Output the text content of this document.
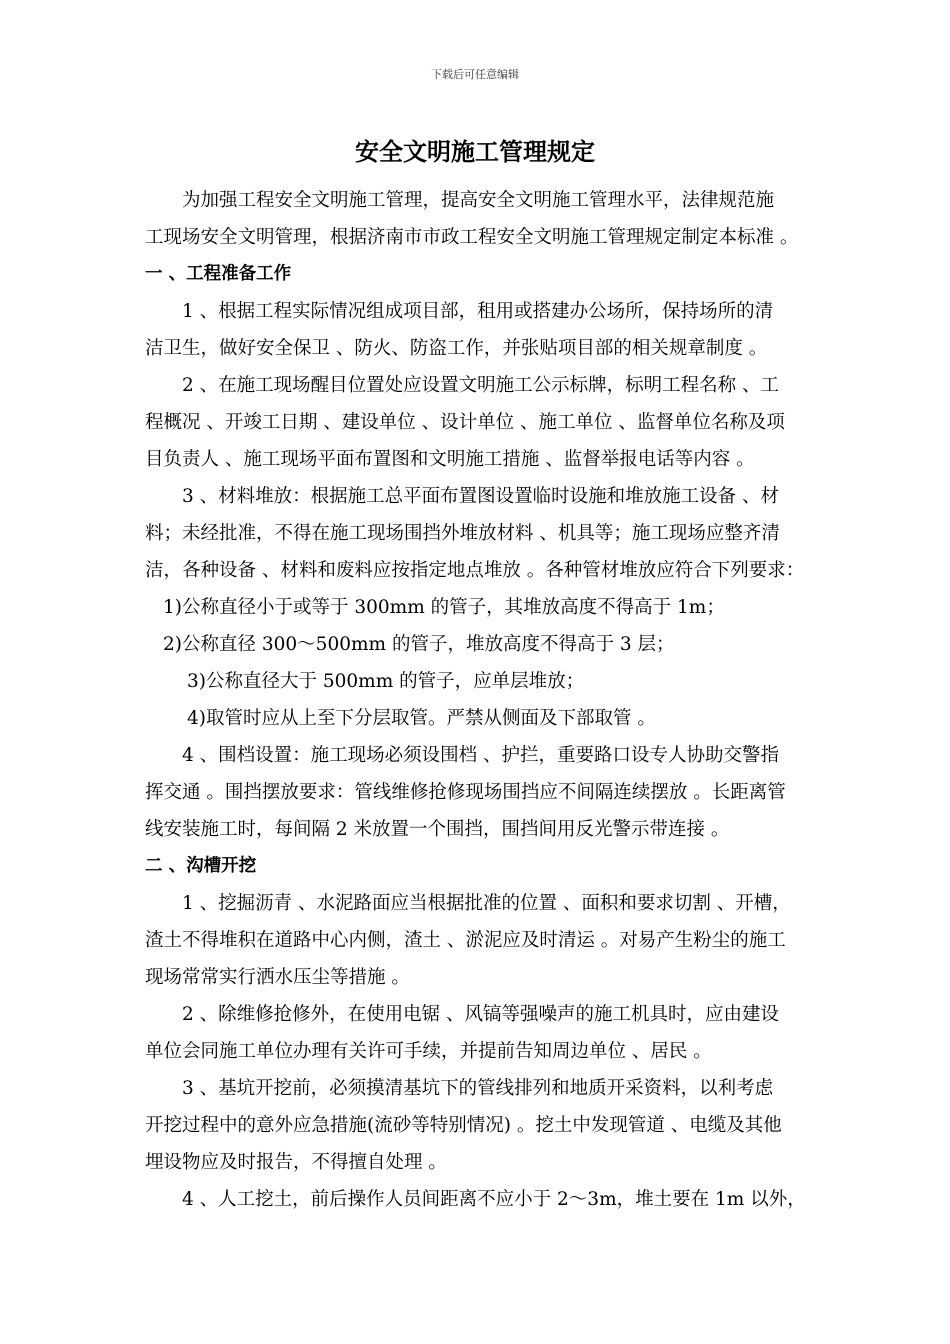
下载后可任意编辑
安全文明施工管理规定
为加强工程安全文明施工管理，提高安全文明施工管理水平，法律规范施
工现场安全文明管理，根据济南市市政工程安全文明施工管理规定制定本标准 。
一 、工程准备工作
1 、根据工程实际情况组成项目部，租用或搭建办公场所，保持场所的清
洁卫生，做好安全保卫 、防火、防盗工作，并张贴项目部的相关规章制度 。
2 、在施工现场醒目位置处应设置文明施工公示标牌，标明工程名称 、工
程概况 、开竣工日期 、建设单位 、设计单位 、施工单位 、监督单位名称及项
目负责人 、施工现场平面布置图和文明施工措施 、监督举报电话等内容 。
3 、材料堆放：根据施工总平面布置图设置临时设施和堆放施工设备 、材
料；未经批准，不得在施工现场围挡外堆放材料 、机具等；施工现场应整齐清
洁，各种设备 、材料和废料应按指定地点堆放 。各种管材堆放应符合下列要求：
1)公称直径小于或等于 300mm 的管子，其堆放高度不得高于 1m；
2)公称直径 300～500mm 的管子，堆放高度不得高于 3 层；
3)公称直径大于 500mm 的管子，应单层堆放；
4)取管时应从上至下分层取管。严禁从侧面及下部取管 。
4 、围档设置：施工现场必须设围档 、护拦，重要路口设专人协助交警指
挥交通 。围挡摆放要求：管线维修抢修现场围挡应不间隔连续摆放 。长距离管
线安装施工时，每间隔 2 米放置一个围挡，围挡间用反光警示带连接 。
二 、沟槽开挖
1 、挖掘沥青 、水泥路面应当根据批准的位置 、面积和要求切割 、开槽，
渣土不得堆积在道路中心内侧，渣土 、淤泥应及时清运 。对易产生粉尘的施工
现场常常实行洒水压尘等措施 。
2 、除维修抢修外，在使用电锯 、风镐等强噪声的施工机具时，应由建设
单位会同施工单位办理有关许可手续，并提前告知周边单位 、居民 。
3 、基坑开挖前，必须摸清基坑下的管线排列和地质开采资料，以利考虑
开挖过程中的意外应急措施(流砂等特别情况) 。挖土中发现管道 、电缆及其他
埋设物应及时报告，不得擅自处理 。
4 、人工挖土，前后操作人员间距离不应小于 2～3m，堆土要在 1m 以外，
